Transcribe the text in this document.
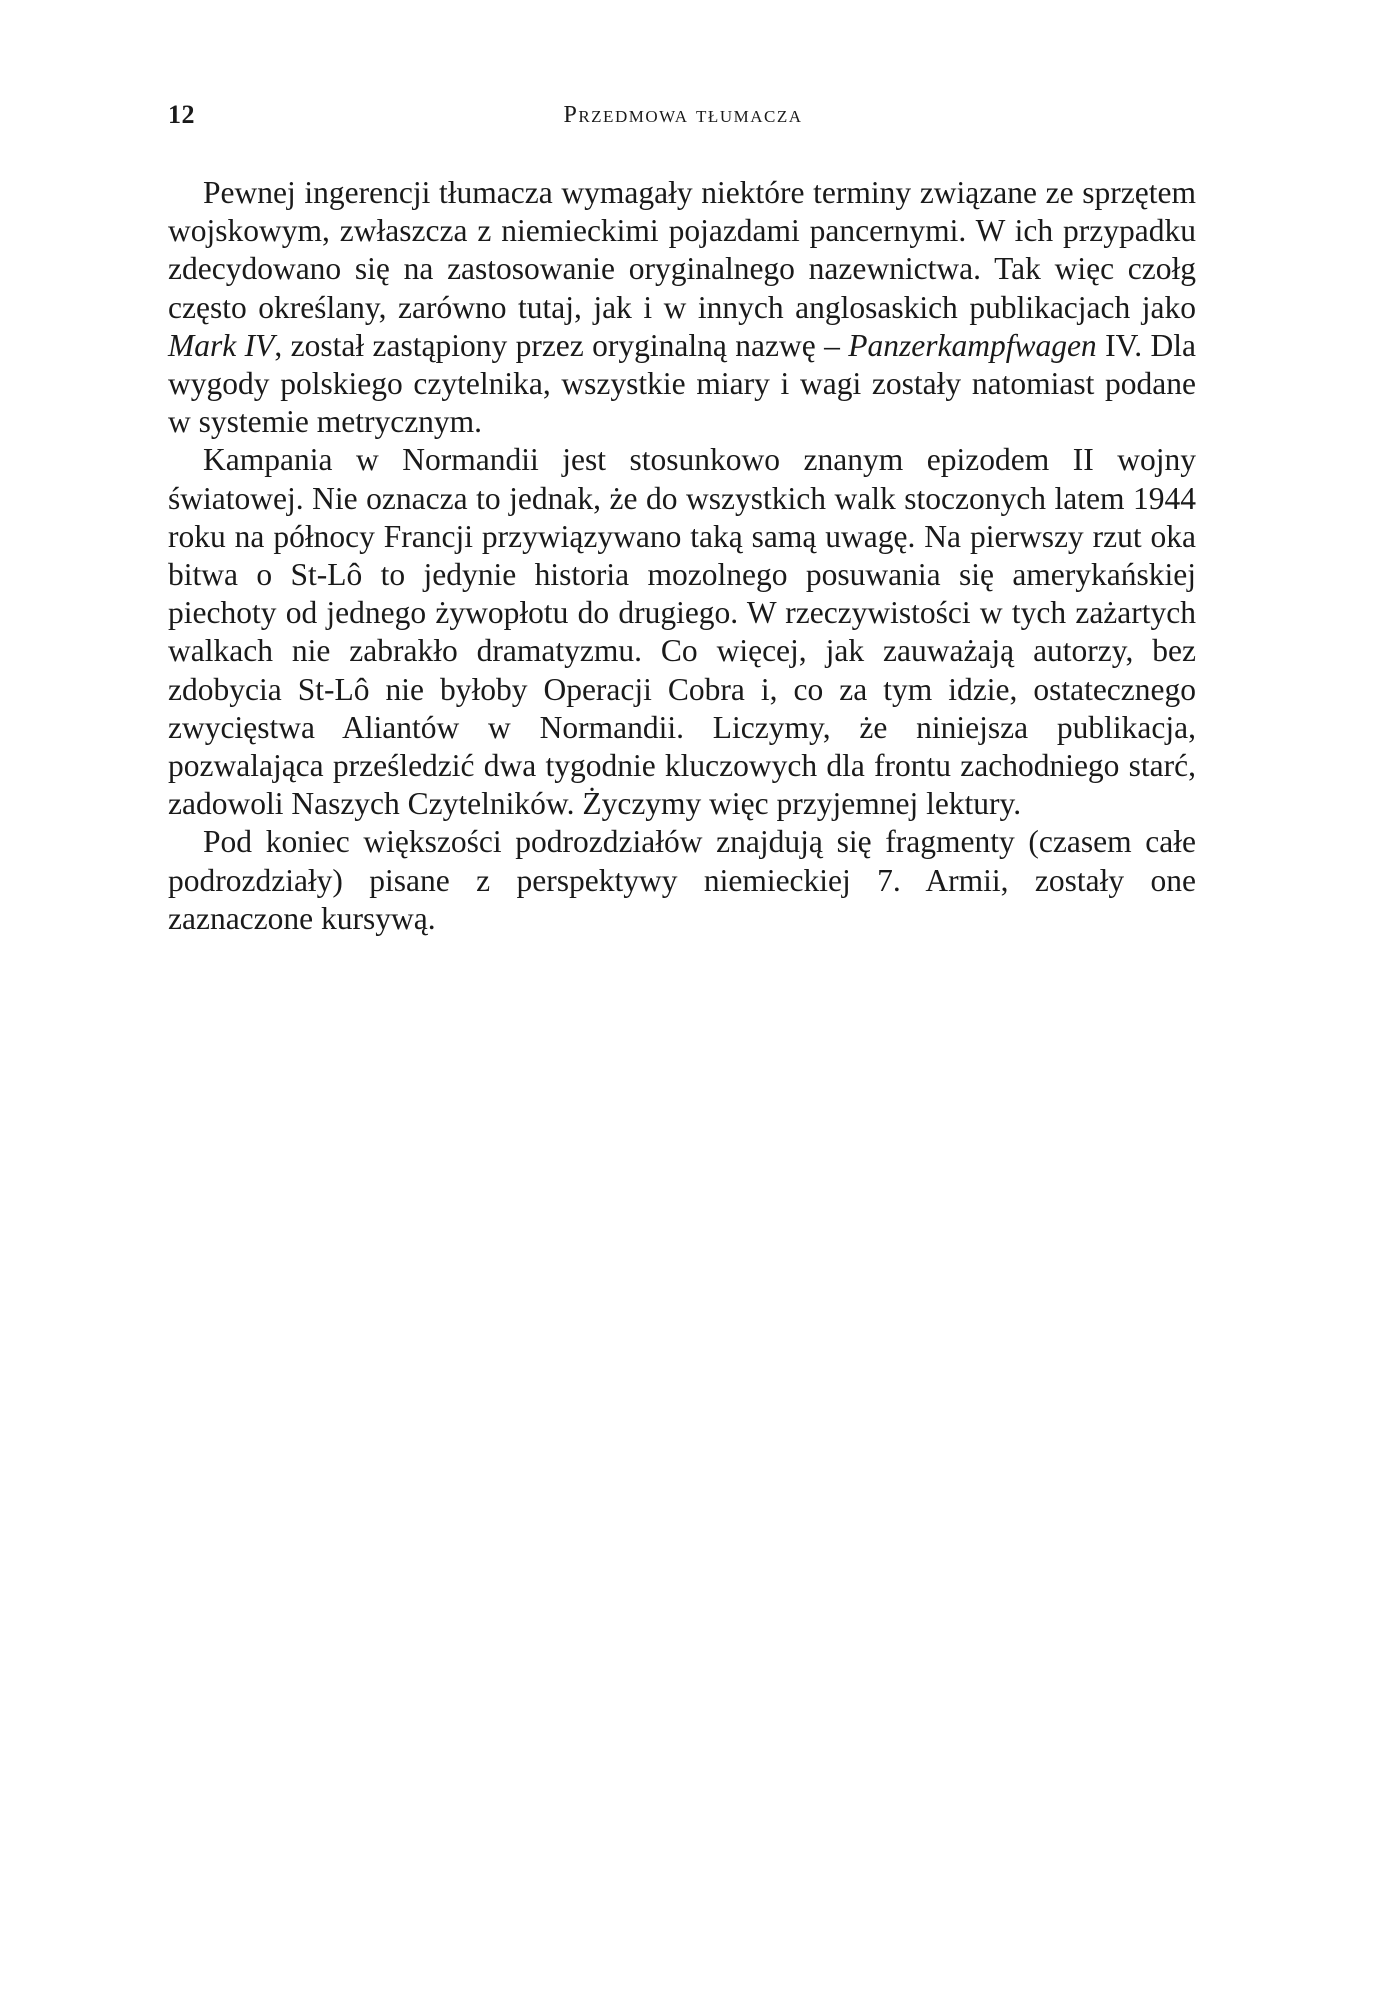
12	Przedmowa tłumacza

Pewnej ingerencji tłumacza wymagały niektóre terminy związane ze sprzętem wojskowym, zwłaszcza z niemieckimi pojazdami pancernymi. W ich przypadku zdecydowano się na zastosowanie oryginalnego nazewnictwa. Tak więc czołg często określany, zarówno tutaj, jak i w innych anglosaskich publikacjach jako Mark IV, został zastąpiony przez oryginalną nazwę – Panzerkampfwagen IV. Dla wygody polskiego czytelnika, wszystkie miary i wagi zostały natomiast podane w systemie metrycznym.

Kampania w Normandii jest stosunkowo znanym epizodem II wojny światowej. Nie oznacza to jednak, że do wszystkich walk stoczonych latem 1944 roku na północy Francji przywiązywano taką samą uwagę. Na pierwszy rzut oka bitwa o St-Lô to jedynie historia mozolnego posuwania się amerykańskiej piechoty od jednego żywopłotu do drugiego. W rzeczywistości w tych zażartych walkach nie zabrakło dramatyzmu. Co więcej, jak zauważają autorzy, bez zdobycia St-Lô nie byłoby Operacji Cobra i, co za tym idzie, ostatecznego zwycięstwa Aliantów w Normandii. Liczymy, że niniejsza publikacja, pozwalająca prześledzić dwa tygodnie kluczowych dla frontu zachodniego starć, zadowoli Naszych Czytelników. Życzymy więc przyjemnej lektury.

Pod koniec większości podrozdziałów znajdują się fragmenty (czasem całe podrozdziały) pisane z perspektywy niemieckiej 7. Armii, zostały one zaznaczone kursywą.
